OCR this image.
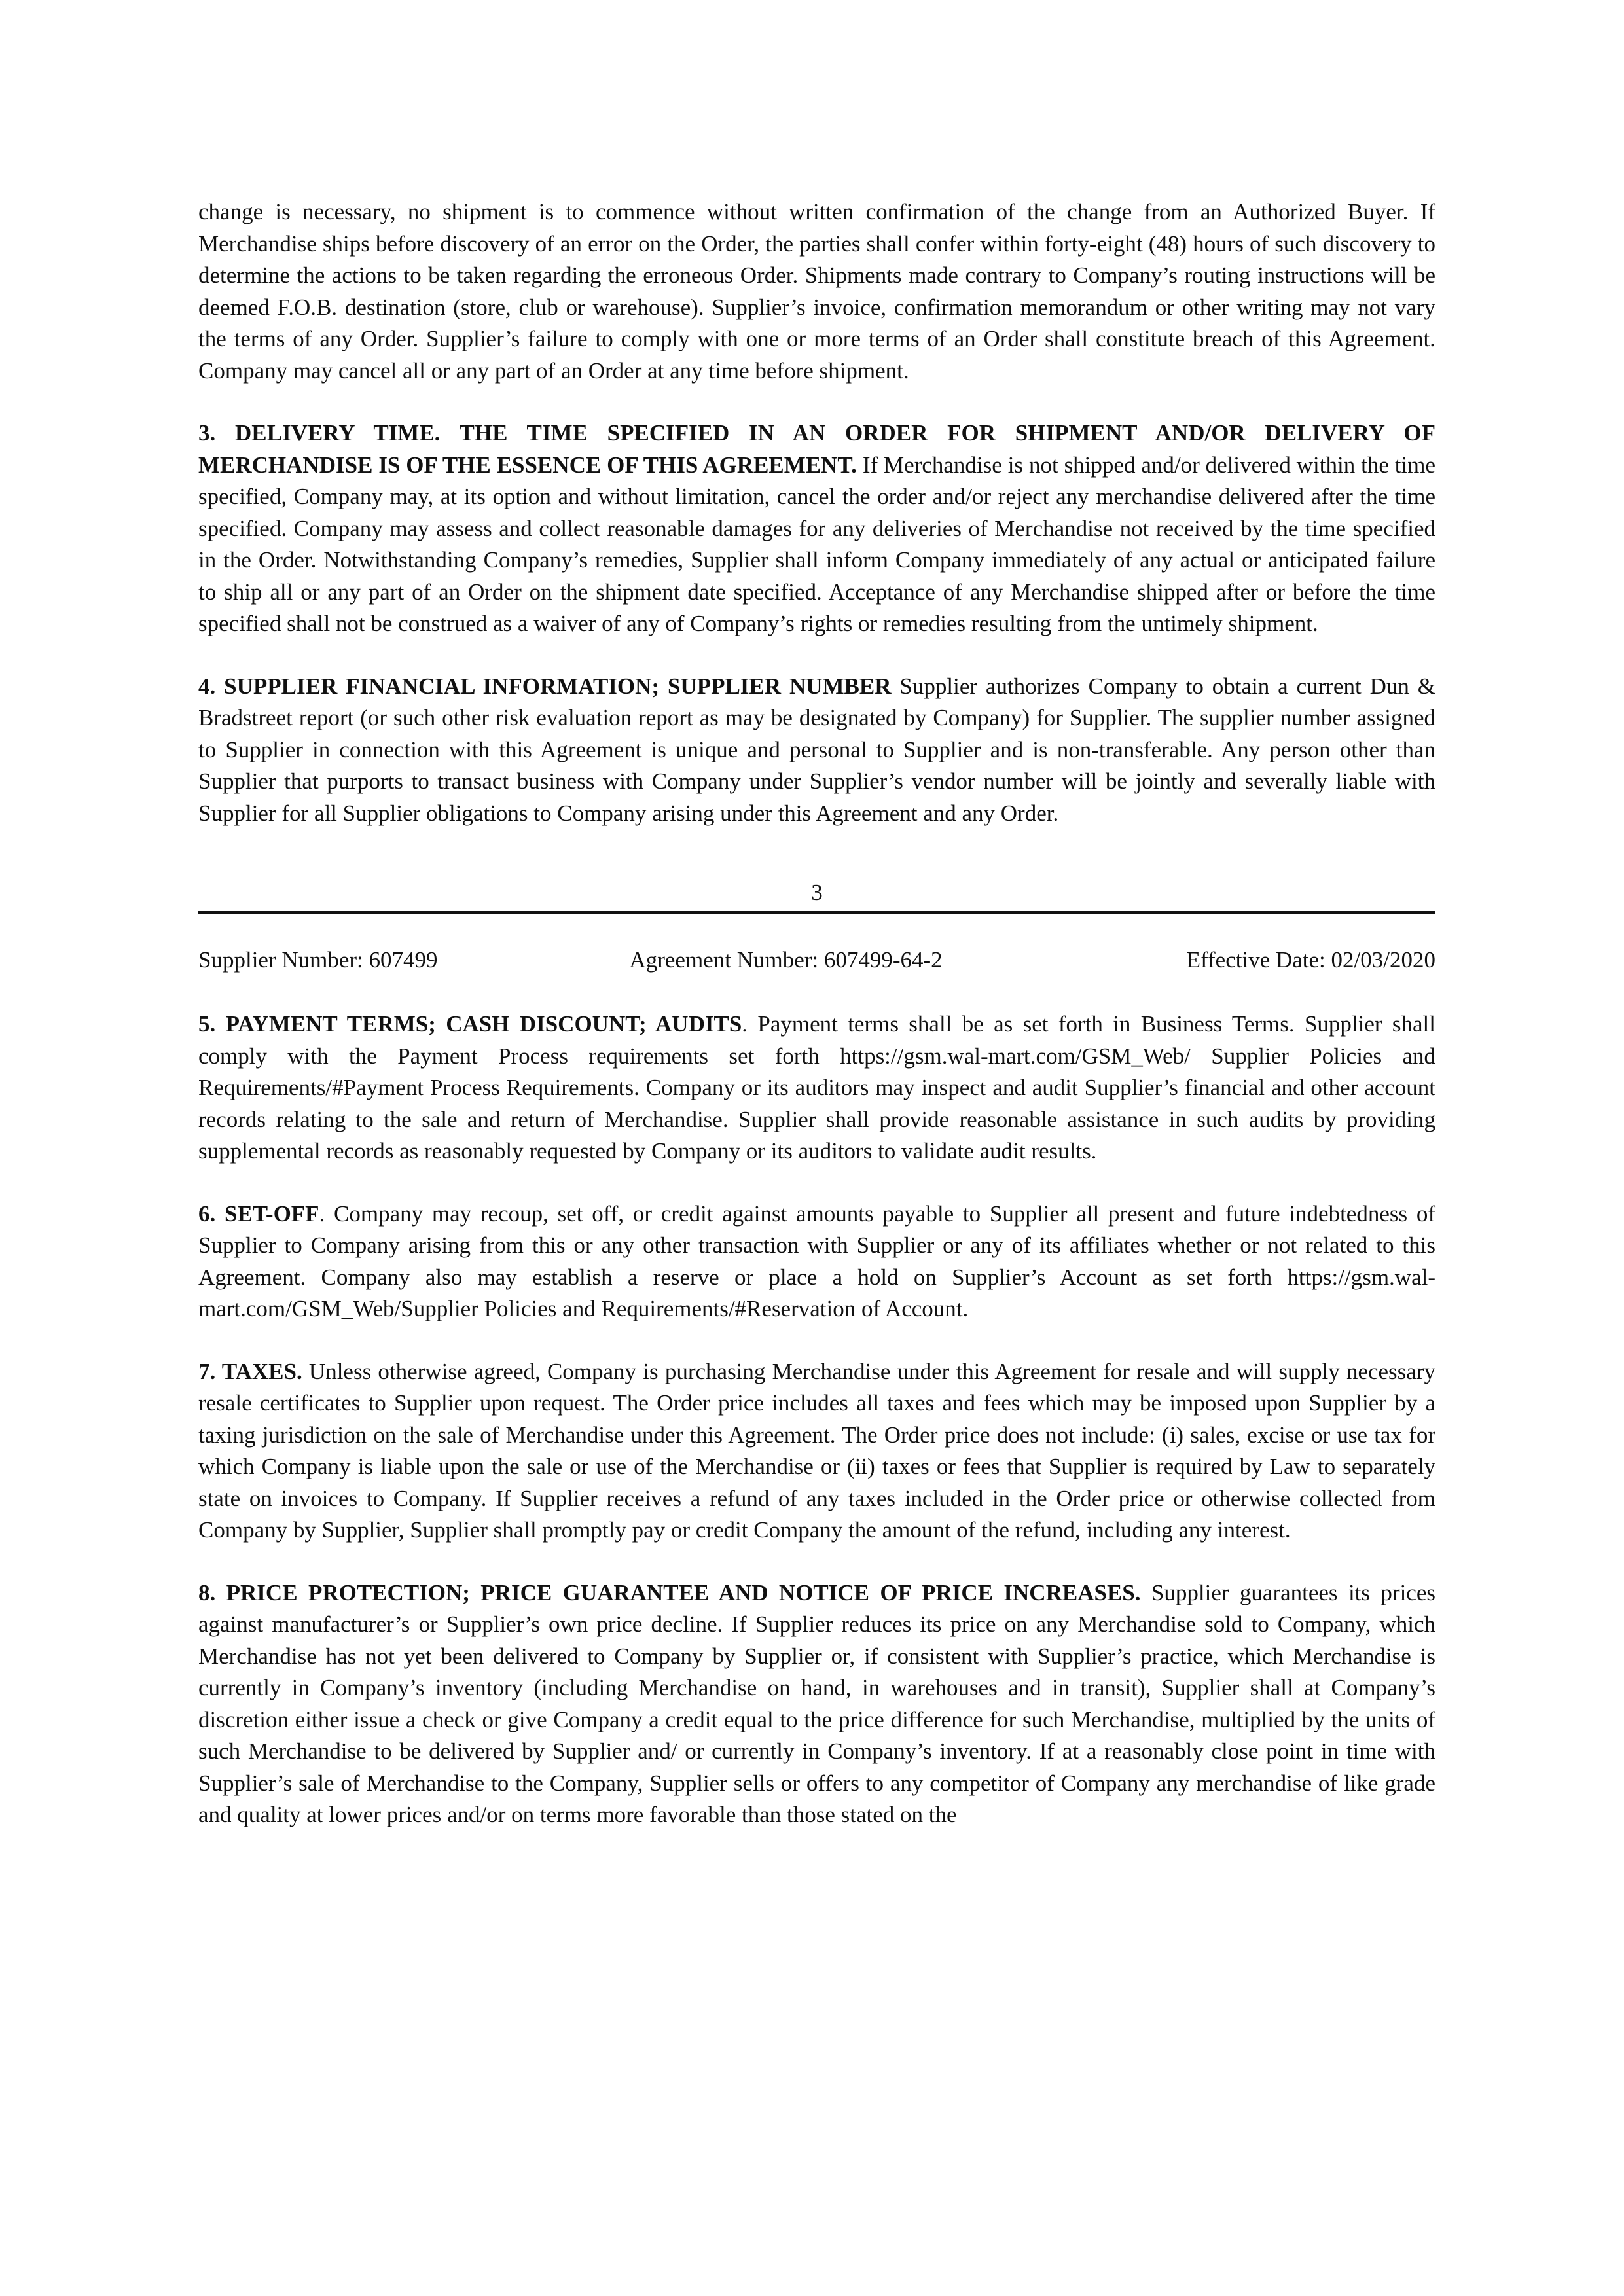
change is necessary, no shipment is to commence without written confirmation of the change from an Authorized Buyer. If Merchandise ships before discovery of an error on the Order, the parties shall confer within forty-eight (48) hours of such discovery to determine the actions to be taken regarding the erroneous Order. Shipments made contrary to Company’s routing instructions will be deemed F.O.B. destination (store, club or warehouse). Supplier’s invoice, confirmation memorandum or other writing may not vary the terms of any Order. Supplier’s failure to comply with one or more terms of an Order shall constitute breach of this Agreement. Company may cancel all or any part of an Order at any time before shipment.

3. DELIVERY TIME. THE TIME SPECIFIED IN AN ORDER FOR SHIPMENT AND/OR DELIVERY OF MERCHANDISE IS OF THE ESSENCE OF THIS AGREEMENT. If Merchandise is not shipped and/or delivered within the time specified, Company may, at its option and without limitation, cancel the order and/or reject any merchandise delivered after the time specified. Company may assess and collect reasonable damages for any deliveries of Merchandise not received by the time specified in the Order. Notwithstanding Company’s remedies, Supplier shall inform Company immediately of any actual or anticipated failure to ship all or any part of an Order on the shipment date specified. Acceptance of any Merchandise shipped after or before the time specified shall not be construed as a waiver of any of Company’s rights or remedies resulting from the untimely shipment.

4. SUPPLIER FINANCIAL INFORMATION; SUPPLIER NUMBER Supplier authorizes Company to obtain a current Dun & Bradstreet report (or such other risk evaluation report as may be designated by Company) for Supplier. The supplier number assigned to Supplier in connection with this Agreement is unique and personal to Supplier and is non-transferable. Any person other than Supplier that purports to transact business with Company under Supplier’s vendor number will be jointly and severally liable with Supplier for all Supplier obligations to Company arising under this Agreement and any Order.

3
Supplier Number: 607499	Agreement Number: 607499-64-2	Effective Date: 02/03/2020

5. PAYMENT TERMS; CASH DISCOUNT; AUDITS. Payment terms shall be as set forth in Business Terms. Supplier shall comply with the Payment Process requirements set forth https://gsm.wal-mart.com/GSM_Web/ Supplier Policies and Requirements/#Payment Process Requirements. Company or its auditors may inspect and audit Supplier’s financial and other account records relating to the sale and return of Merchandise. Supplier shall provide reasonable assistance in such audits by providing supplemental records as reasonably requested by Company or its auditors to validate audit results.

6. SET-OFF. Company may recoup, set off, or credit against amounts payable to Supplier all present and future indebtedness of Supplier to Company arising from this or any other transaction with Supplier or any of its affiliates whether or not related to this Agreement. Company also may establish a reserve or place a hold on Supplier’s Account as set forth https://gsm.wal-mart.com/GSM_Web/Supplier Policies and Requirements/#Reservation of Account.

7. TAXES. Unless otherwise agreed, Company is purchasing Merchandise under this Agreement for resale and will supply necessary resale certificates to Supplier upon request. The Order price includes all taxes and fees which may be imposed upon Supplier by a taxing jurisdiction on the sale of Merchandise under this Agreement. The Order price does not include: (i) sales, excise or use tax for which Company is liable upon the sale or use of the Merchandise or (ii) taxes or fees that Supplier is required by Law to separately state on invoices to Company. If Supplier receives a refund of any taxes included in the Order price or otherwise collected from Company by Supplier, Supplier shall promptly pay or credit Company the amount of the refund, including any interest.

8. PRICE PROTECTION; PRICE GUARANTEE AND NOTICE OF PRICE INCREASES. Supplier guarantees its prices against manufacturer’s or Supplier’s own price decline. If Supplier reduces its price on any Merchandise sold to Company, which Merchandise has not yet been delivered to Company by Supplier or, if consistent with Supplier’s practice, which Merchandise is currently in Company’s inventory (including Merchandise on hand, in warehouses and in transit), Supplier shall at Company’s discretion either issue a check or give Company a credit equal to the price difference for such Merchandise, multiplied by the units of such Merchandise to be delivered by Supplier and/ or currently in Company’s inventory. If at a reasonably close point in time with Supplier’s sale of Merchandise to the Company, Supplier sells or offers to any competitor of Company any merchandise of like grade and quality at lower prices and/or on terms more favorable than those stated on the
